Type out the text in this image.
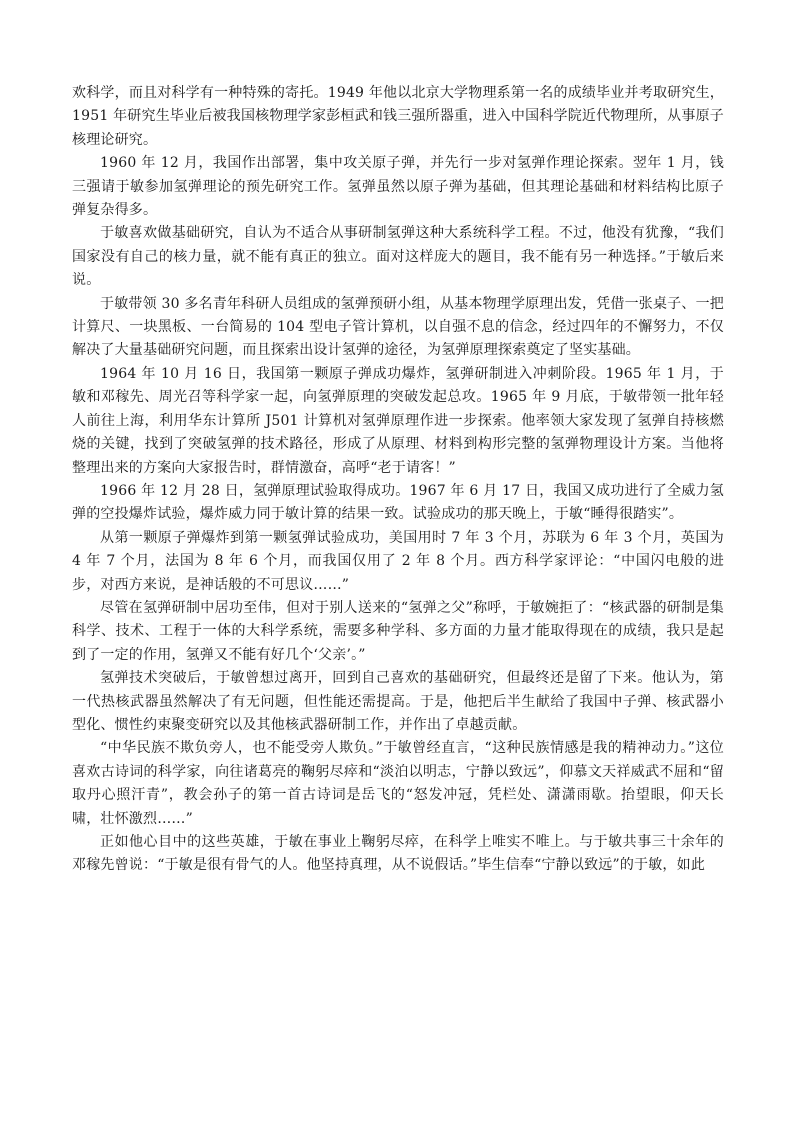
欢科学，而且对科学有一种特殊的寄托。1949 年他以北京大学物理系第一名的成绩毕业并考取研究生，1951 年研究生毕业后被我国核物理学家彭桓武和钱三强所器重，进入中国科学院近代物理所，从事原子核理论研究。

1960 年 12 月，我国作出部署，集中攻关原子弹，并先行一步对氢弹作理论探索。翌年 1 月，钱三强请于敏参加氢弹理论的预先研究工作。氢弹虽然以原子弹为基础，但其理论基础和材料结构比原子弹复杂得多。

于敏喜欢做基础研究，自认为不适合从事研制氢弹这种大系统科学工程。不过，他没有犹豫，“我们国家没有自己的核力量，就不能有真正的独立。面对这样庞大的题目，我不能有另一种选择。”于敏后来说。

于敏带领 30 多名青年科研人员组成的氢弹预研小组，从基本物理学原理出发，凭借一张桌子、一把计算尺、一块黑板、一台简易的 104 型电子管计算机，以自强不息的信念，经过四年的不懈努力，不仅解决了大量基础研究问题，而且探索出设计氢弹的途径，为氢弹原理探索奠定了坚实基础。

1964 年 10 月 16 日，我国第一颗原子弹成功爆炸，氢弹研制进入冲刺阶段。1965 年 1 月，于敏和邓稼先、周光召等科学家一起，向氢弹原理的突破发起总攻。1965 年 9 月底，于敏带领一批年轻人前往上海，利用华东计算所 J501 计算机对氢弹原理作进一步探索。他率领大家发现了氢弹自持核燃烧的关键，找到了突破氢弹的技术路径，形成了从原理、材料到构形完整的氢弹物理设计方案。当他将整理出来的方案向大家报告时，群情激奋，高呼“老于请客！”

1966 年 12 月 28 日，氢弹原理试验取得成功。1967 年 6 月 17 日，我国又成功进行了全威力氢弹的空投爆炸试验，爆炸威力同于敏计算的结果一致。试验成功的那天晚上，于敏“睡得很踏实”。

从第一颗原子弹爆炸到第一颗氢弹试验成功，美国用时 7 年 3 个月，苏联为 6 年 3 个月，英国为 4 年 7 个月，法国为 8 年 6 个月，而我国仅用了 2 年 8 个月。西方科学家评论：“中国闪电般的进步，对西方来说，是神话般的不可思议……”

尽管在氢弹研制中居功至伟，但对于别人送来的“氢弹之父”称呼，于敏婉拒了：“核武器的研制是集科学、技术、工程于一体的大科学系统，需要多种学科、多方面的力量才能取得现在的成绩，我只是起到了一定的作用，氢弹又不能有好几个‘父亲’。”

氢弹技术突破后，于敏曾想过离开，回到自己喜欢的基础研究，但最终还是留了下来。他认为，第一代热核武器虽然解决了有无问题，但性能还需提高。于是，他把后半生献给了我国中子弹、核武器小型化、惯性约束聚变研究以及其他核武器研制工作，并作出了卓越贡献。

“中华民族不欺负旁人，也不能受旁人欺负。”于敏曾经直言，“这种民族情感是我的精神动力。”这位喜欢古诗词的科学家，向往诸葛亮的鞠躬尽瘁和“淡泊以明志，宁静以致远”，仰慕文天祥威武不屈和“留取丹心照汗青”，教会孙子的第一首古诗词是岳飞的“怒发冲冠，凭栏处、潇潇雨歇。抬望眼，仰天长啸，壮怀激烈……”

正如他心目中的这些英雄，于敏在事业上鞠躬尽瘁，在科学上唯实不唯上。与于敏共事三十余年的邓稼先曾说：“于敏是很有骨气的人。他坚持真理，从不说假话。”毕生信奉“宁静以致远”的于敏，如此
